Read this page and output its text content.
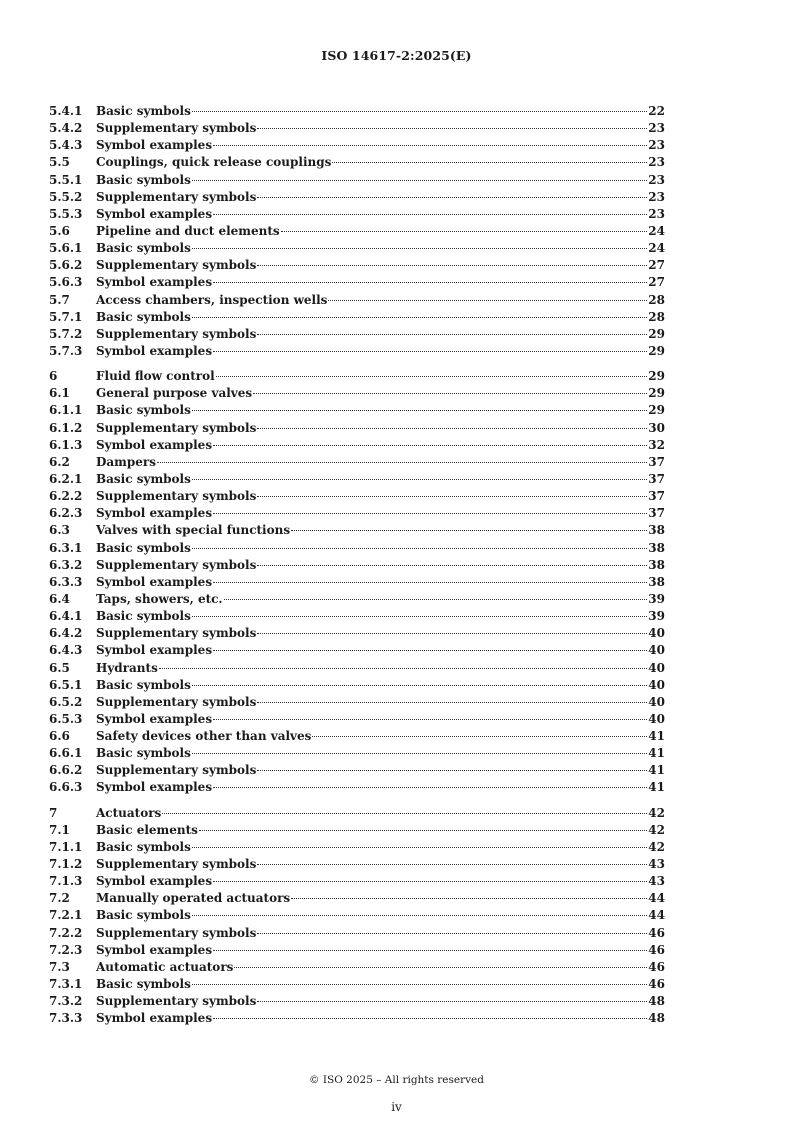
ISO 14617-2:2025(E)
5.4.1	Basic symbols	22
5.4.2	Supplementary symbols	23
5.4.3	Symbol examples	23
5.5	Couplings, quick release couplings	23
5.5.1	Basic symbols	23
5.5.2	Supplementary symbols	23
5.5.3	Symbol examples	23
5.6	Pipeline and duct elements	24
5.6.1	Basic symbols	24
5.6.2	Supplementary symbols	27
5.6.3	Symbol examples	27
5.7	Access chambers, inspection wells	28
5.7.1	Basic symbols	28
5.7.2	Supplementary symbols	29
5.7.3	Symbol examples	29
6	Fluid flow control	29
6.1	General purpose valves	29
6.1.1	Basic symbols	29
6.1.2	Supplementary symbols	30
6.1.3	Symbol examples	32
6.2	Dampers	37
6.2.1	Basic symbols	37
6.2.2	Supplementary symbols	37
6.2.3	Symbol examples	37
6.3	Valves with special functions	38
6.3.1	Basic symbols	38
6.3.2	Supplementary symbols	38
6.3.3	Symbol examples	38
6.4	Taps, showers, etc.	39
6.4.1	Basic symbols	39
6.4.2	Supplementary symbols	40
6.4.3	Symbol examples	40
6.5	Hydrants	40
6.5.1	Basic symbols	40
6.5.2	Supplementary symbols	40
6.5.3	Symbol examples	40
6.6	Safety devices other than valves	41
6.6.1	Basic symbols	41
6.6.2	Supplementary symbols	41
6.6.3	Symbol examples	41
7	Actuators	42
7.1	Basic elements	42
7.1.1	Basic symbols	42
7.1.2	Supplementary symbols	43
7.1.3	Symbol examples	43
7.2	Manually operated actuators	44
7.2.1	Basic symbols	44
7.2.2	Supplementary symbols	46
7.2.3	Symbol examples	46
7.3	Automatic actuators	46
7.3.1	Basic symbols	46
7.3.2	Supplementary symbols	48
7.3.3	Symbol examples	48
© ISO 2025 – All rights reserved
iv
